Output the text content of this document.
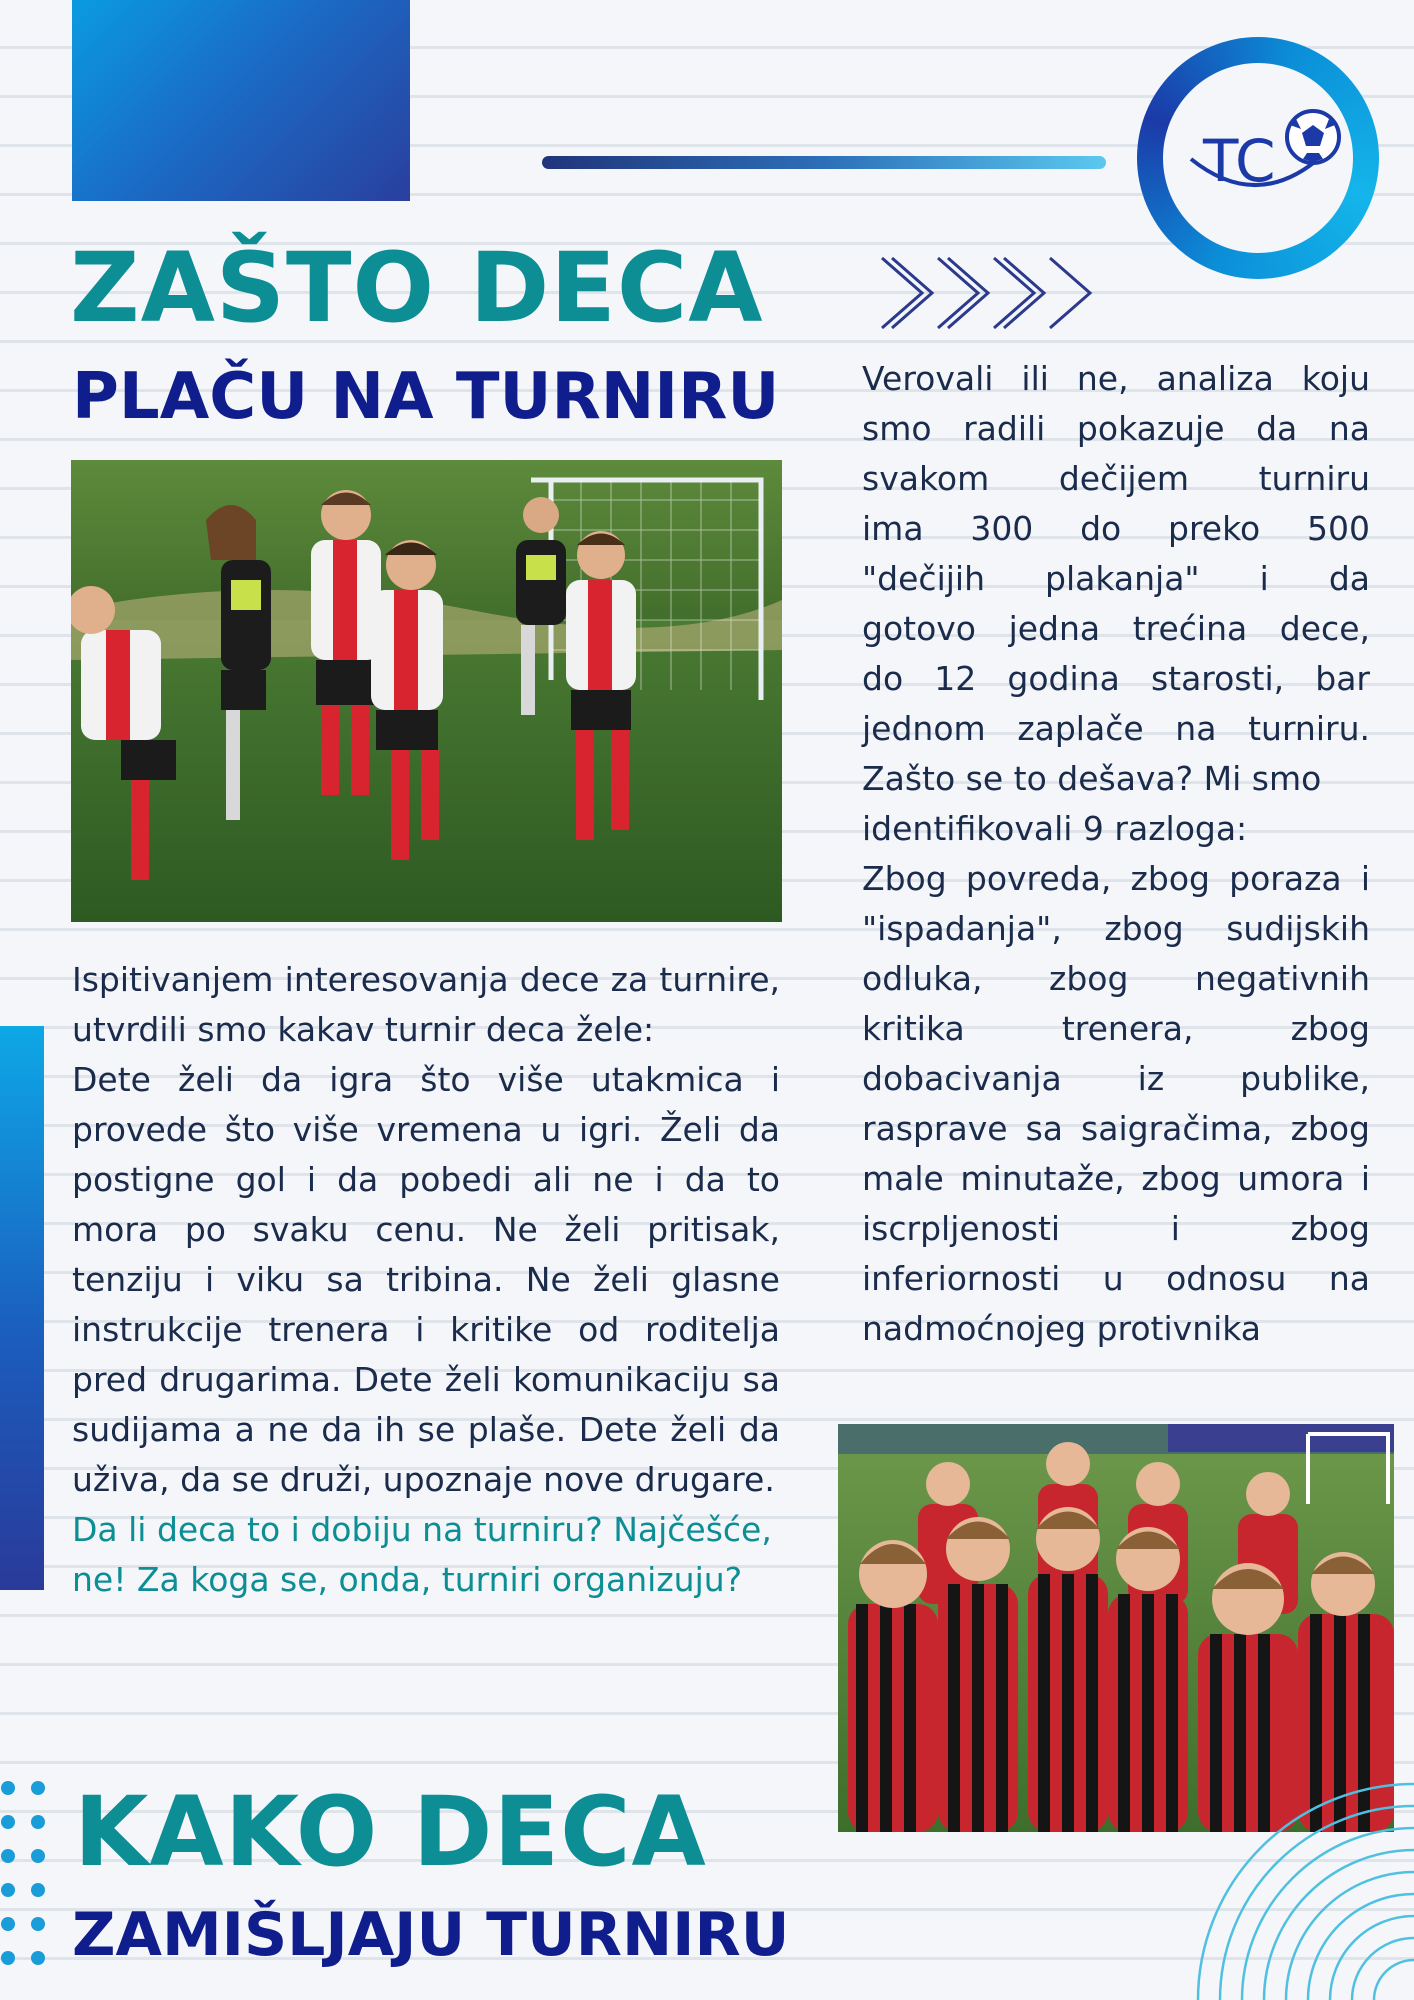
TC
ZAŠTO DECA
PLAČU NA TURNIRU	Verovali ili ne, analiza koju

smo radili pokazuje da na

svakom dečijem turniru

ima 300 do preko 500

"dečijih plakanja" i da

gotovo jedna trećina dece,

do 12 godina starosti, bar

jednom zaplače na turniru.

Zašto se to dešava? Mi smo identifikovali 9 razloga:

Zbog povreda, zbog poraza i "ispadanja", zbog sudijskih odluka, zbog negativnih kritika trenera, zbog dobacivanja iz publike, rasprave sa saigračima, zbog male minutaže, zbog umora i iscrpljenosti i zbog inferiornosti u odnosu na nadmoćnojeg protivnika

Ispitivanjem interesovanja dece za turnire, utvrdili smo kakav turnir deca žele:

Dete želi da igra što više utakmica i provede što više vremena u igri. Želi da postigne gol i da pobedi ali ne i da to mora po svaku cenu. Ne želi pritisak, tenziju i viku sa tribina. Ne želi glasne instrukcije trenera i kritike od roditelja pred drugarima. Dete želi komunikaciju sa sudijama a ne da ih se plaše. Dete želi da uživa, da se druži, upoznaje nove drugare.

Da li deca to i dobiju na turniru? Najčešće, ne! Za koga se, onda, turniri organizuju?

KAKO DECA
ZAMIŠLJAJU TURNIRU
